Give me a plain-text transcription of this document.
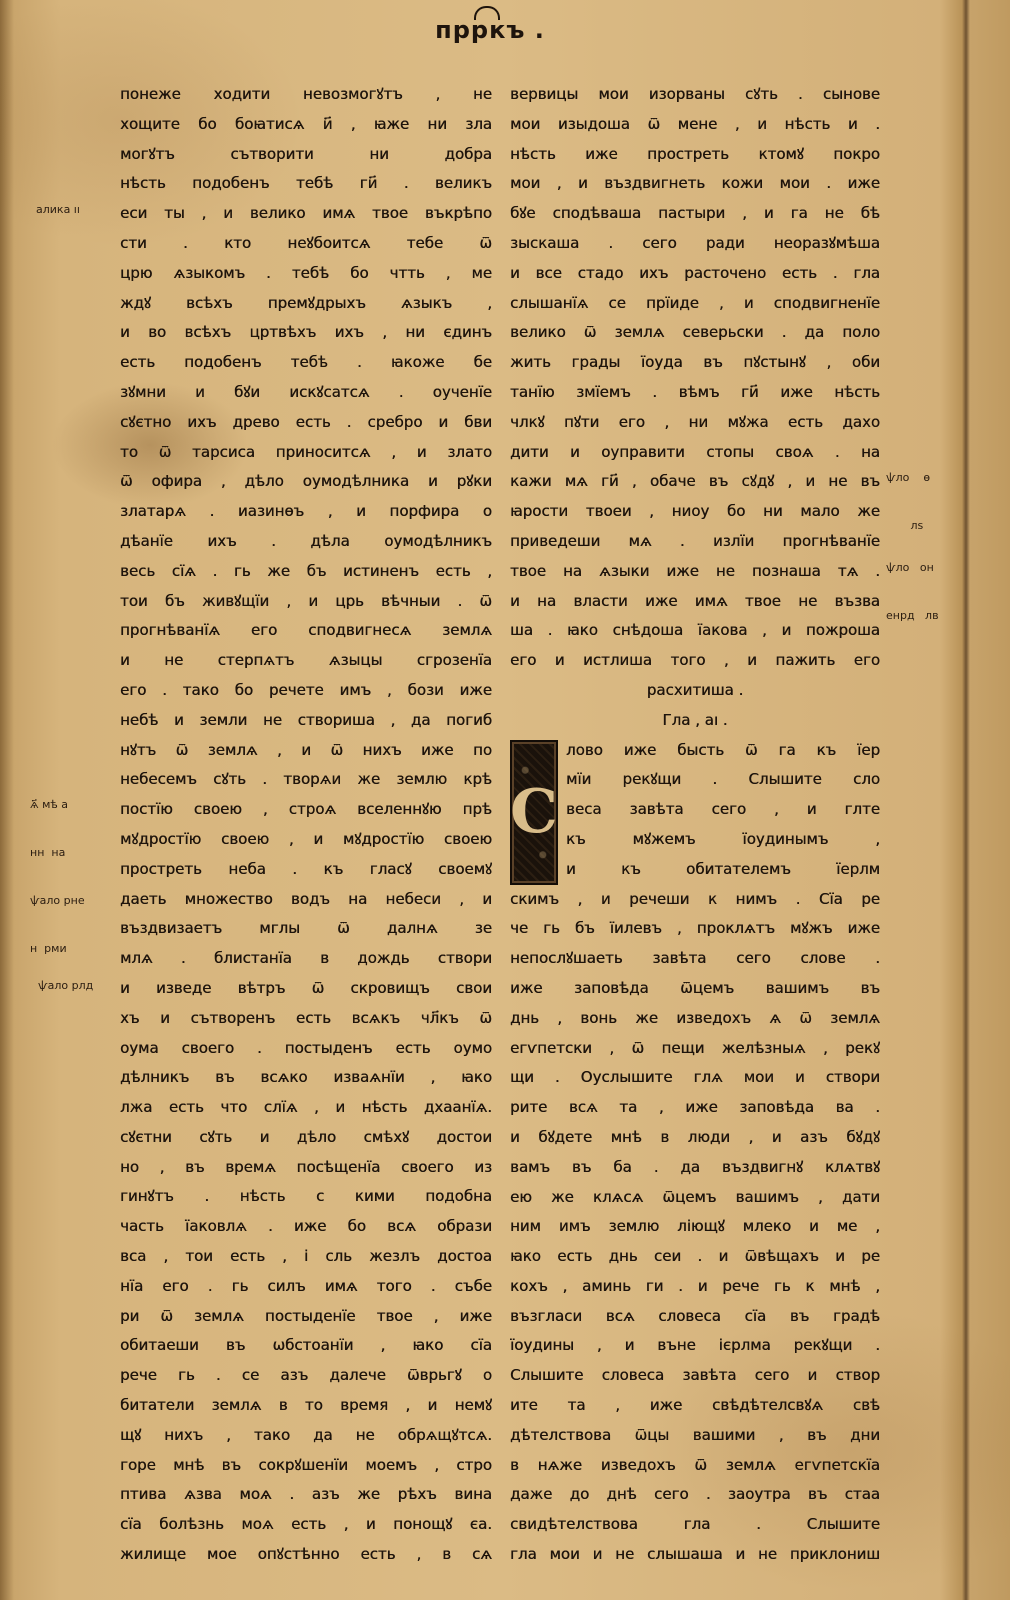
прркъ .
понеже ходити невозмогꙋтъ , не
хощите бо боꙗтисѧ и҃ , ꙗже ни зла
могꙋтъ сътворити ни добра
нѣсть подобенъ тебѣ ги҃ . великъ
еси ты , и велико имѧ твое въкрѣпо
сти . кто неꙋбоитсѧ тебе ѿ
црю ѧзыкомъ . тебѣ бо чтть , ме
ждꙋ всѣхъ премꙋдрыхъ ѧзыкъ ,
и во всѣхъ цртвѣхъ ихъ , ни єдинъ
есть подобенъ тебѣ . ꙗкоже бе
зꙋмни и бꙋи искꙋсатсѧ . оученїе
сꙋєтно ихъ древо есть . сребро и бви
то ѿ тарсиса приноситсѧ , и злато
ѿ офира , дѣло оумодѣлника и рꙋки
златарѧ . иазинѳъ , и порфира о
дѣанїе ихъ . дѣла оумодѣлникъ
весь сїѧ . гь же бъ истиненъ есть ,
тои бъ живꙋщїи , и црь вѣчныи . ѿ
прогнѣванїѧ его сподвигнесѧ землѧ
и не стерпѧтъ ѧзыцы сгрозенїа
его . тако бо речете имъ , бози иже
небѣ и земли не створиша , да погиб
нꙋтъ ѿ землѧ , и ѿ нихъ иже по
небесемъ сꙋть . творѧи же землю крѣ
постїю своею , строѧ вселеннꙋю прѣ
мꙋдростїю своею , и мꙋдростїю своею
простреть неба . къ гласꙋ своемꙋ
даеть множество водъ на небеси , и
въздвизаетъ мглы ѿ далнѧ зе
млѧ . блистанїа в дождь створи
и изведе вѣтръ ѿ скровищъ свои
хъ и сътворенъ есть всѧкъ чл҃къ ѿ
оума своего . постыденъ есть оумо
дѣлникъ въ всѧко изваѧнїи , ꙗко
лжа есть что слїѧ , и нѣсть дхаанїѧ.
сꙋєтни сꙋть и дѣло смѣхꙋ достои
но , въ времѧ посѣщенїа своего из
гинꙋтъ . нѣсть с кими подобна
часть їаковлѧ . иже бо всѧ образи
вса , тои есть , і сль жезлъ достоа
нїа его . гь силъ имѧ того . събе
ри ѿ землѧ постыденїе твое , иже
обитаеши въ ѡбстоанїи , ꙗко сїа
рече гь . се азъ далече ѿврьгꙋ о
битатели землѧ в то время , и немꙋ
щꙋ нихъ , тако да не обрѧщꙋтсѧ.
горе мнѣ въ сокрꙋшенїи моемъ , стро
птива ѧзва моѧ . азъ же рѣхъ вина
сїа болѣзнь моѧ есть , и понощꙋ єа.
жилище мое опꙋстѣнно есть , в сѧ
вервицы мои изорваны сꙋть . сынове
мои изыдоша ѿ мене , и нѣсть и .
нѣсть иже простреть ктомꙋ покро
мои , и въздвигнеть кожи мои . иже
бꙋе сподѣваша пастыри , и га не бѣ
зыскаша . сего ради неоразꙋмѣша
и все стадо ихъ расточено есть . гла
слышанїѧ се прїиде , и сподвигненїе
велико ѿ землѧ северьски . да поло
жить грады їоуда въ пꙋстынꙋ , оби
танїю змїемъ . вѣмъ ги҃ иже нѣсть
члкꙋ пꙋти его , ни мꙋжа есть дахо
дити и оуправити стопы своѧ . на
кажи мѧ ги҃ , обаче въ сꙋдꙋ , и не въ
ꙗрости твоеи , ниоу бо ни мало же
приведеши мѧ . излїи прогнѣванїе
твое на ѧзыки иже не познаша тѧ .
и на власти иже имѧ твое не възва
ша . ꙗко снѣдоша їакова , и пожроша
его и истлиша того , и пажить его
расхитиша .
Гла , аı .
С
лово иже бысть ѿ га къ їер
мїи рекꙋщи . Слышите сло
веса завѣта сего , и глте
къ мꙋжемъ їоудинымъ ,
и къ обитателемъ їерлм
скимъ , и речеши к нимъ . Сїа ре
че гь бъ їилевъ , проклѧтъ мꙋжъ иже
непослꙋшаеть завѣта сего слове .
иже заповѣда ѿцемъ вашимъ въ
днь , вонь же изведохъ ѧ ѿ землѧ
егѵпетски , ѿ пещи желѣзныѧ , рекꙋ
щи . Оуслышите глѧ мои и створи
рите всѧ та , иже заповѣда ва .
и бꙋдете мнѣ в люди , и азъ бꙋдꙋ
вамъ въ ба . да въздвигнꙋ клѧтвꙋ
ею же клѧсѧ ѿцемъ вашимъ , дати
ним имъ землю ліющꙋ млеко и ме ,
ꙗко есть днь сеи . и ѿвѣщахъ и ре
кохъ , аминь ги . и рече гь к мнѣ ,
възгласи всѧ словеса сїа въ градѣ
їоудины , и въне ієрлма рекꙋщи .
Слышите словеса завѣта сего и створ
ите та , иже свѣдѣтелсвꙋѧ свѣ
дѣтелствова ѿцы вашими , въ дни
в нѧже изведохъ ѿ землѧ егѵпетскїа
даже до днѣ сего . заоутра въ стаа
свидѣтелствова гла . Слышите
гла мои и не слышаша и не приклониш

алика ıı

ѧ҃ мѣ а

нн  на

ѱало рне

н  рми

ѱало рлд

ѱло    ѳ

лѕ

ѱло   он

енрд   лв
